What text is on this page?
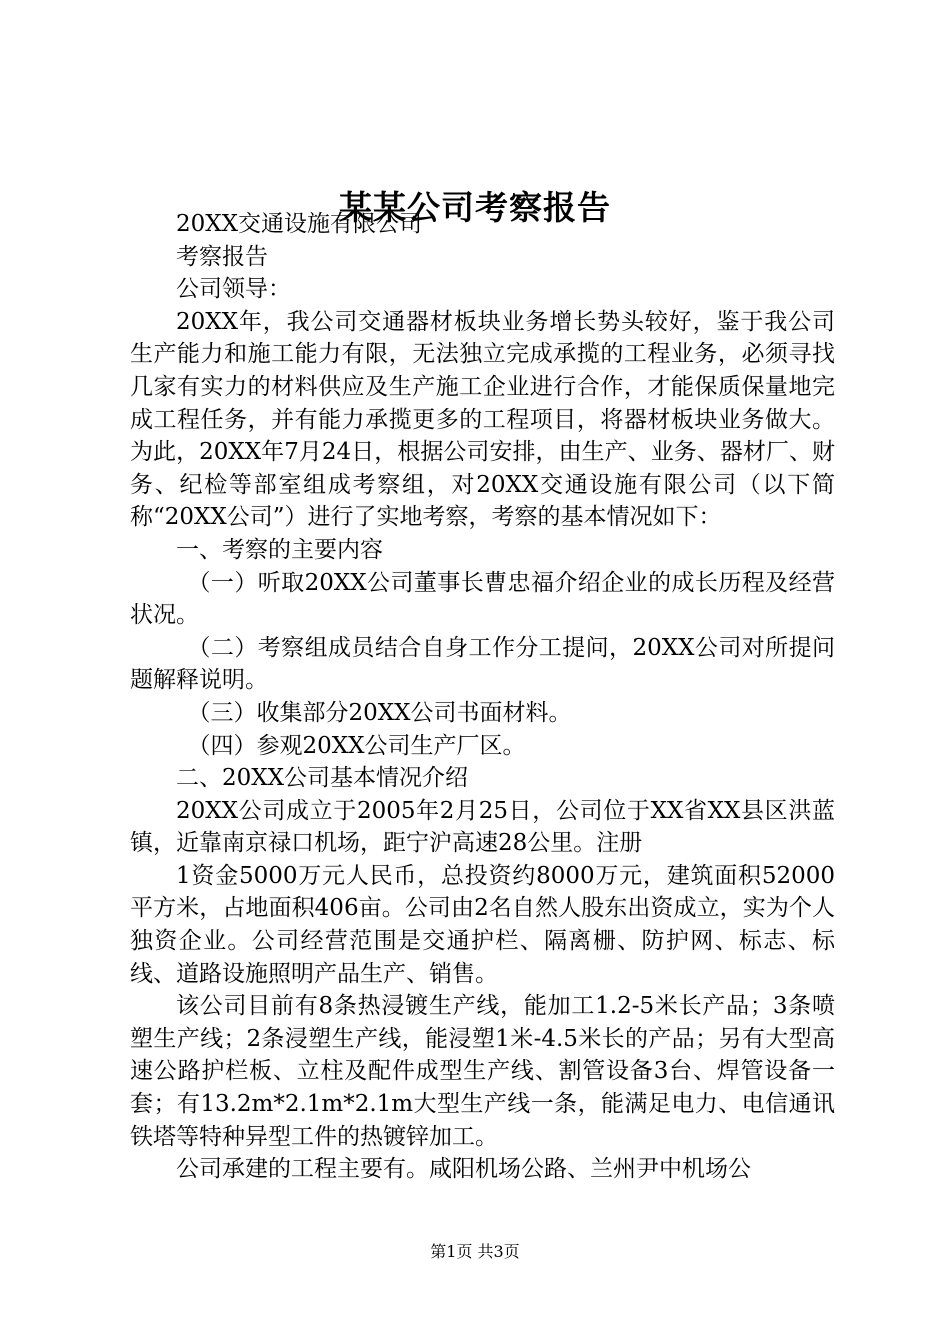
某某公司考察报告

20XX交通设施有限公司

考察报告

公司领导：

20XX年，我公司交通器材板块业务增长势头较好，鉴于我公司生产能力和施工能力有限，无法独立完成承揽的工程业务，必须寻找几家有实力的材料供应及生产施工企业进行合作，才能保质保量地完成工程任务，并有能力承揽更多的工程项目，将器材板块业务做大。为此，20XX年7月24日，根据公司安排，由生产、业务、器材厂、财务、纪检等部室组成考察组，对20XX交通设施有限公司（以下简称“20XX公司”）进行了实地考察，考察的基本情况如下：

一、考察的主要内容

（一）听取20XX公司董事长曹忠福介绍企业的成长历程及经营状况。

（二）考察组成员结合自身工作分工提问，20XX公司对所提问题解释说明。

（三）收集部分20XX公司书面材料。

（四）参观20XX公司生产厂区。

二、20XX公司基本情况介绍

20XX公司成立于2005年2月25日，公司位于XX省XX县区洪蓝镇，近靠南京禄口机场，距宁沪高速28公里。注册

1资金5000万元人民币，总投资约8000万元，建筑面积52000平方米，占地面积406亩。公司由2名自然人股东出资成立，实为个人独资企业。公司经营范围是交通护栏、隔离栅、防护网、标志、标线、道路设施照明产品生产、销售。

该公司目前有8条热浸镀生产线，能加工1.2-5米长产品；3条喷塑生产线；2条浸塑生产线，能浸塑1米-4.5米长的产品；另有大型高速公路护栏板、立柱及配件成型生产线、割管设备3台、焊管设备一套；有13.2m*2.1m*2.1m大型生产线一条，能满足电力、电信通讯铁塔等特种异型工件的热镀锌加工。

公司承建的工程主要有。咸阳机场公路、兰州尹中机场公

第1页 共3页
